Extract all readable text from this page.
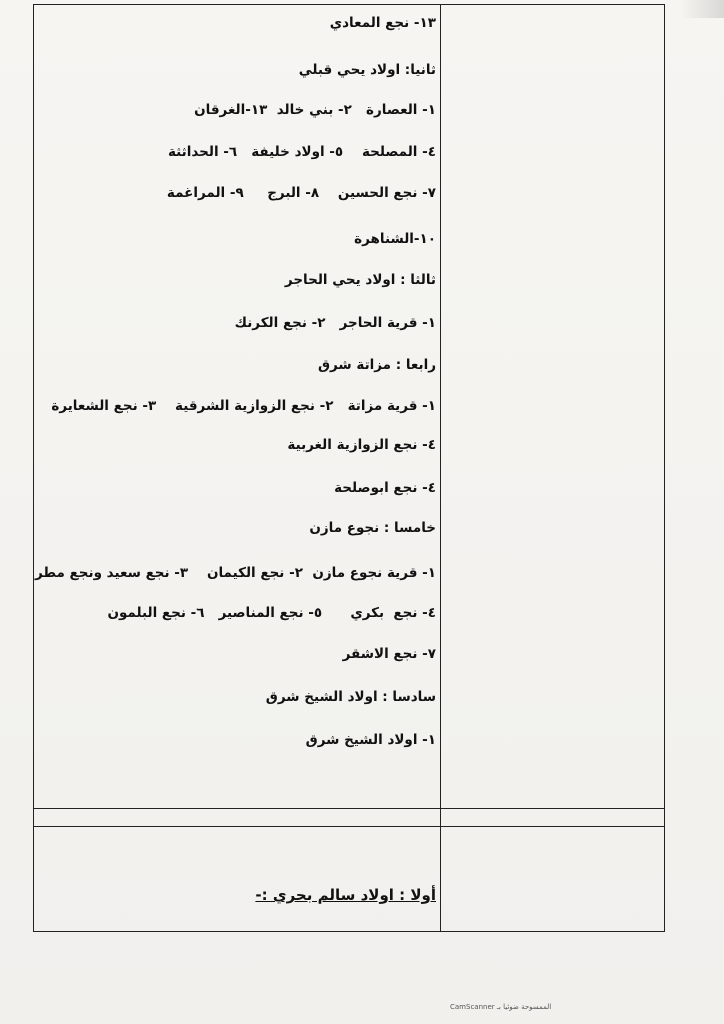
١٣- نجع المعادي
ثانيا: اولاد يحي قبلي
١- العصارة   ٢- بني خالد  ١٣-الغرقان
٤- المصلحة    ٥- اولاد خليفة   ٦- الحداثثة
٧- نجع الحسين    ٨- البرج     ٩- المراغمة
١٠-الشناهرة
ثالثا : اولاد يحي الحاجر
١- قرية الحاجر   ٢- نجع الكرنك
رابعا : مزاتة شرق
١- قرية مزاتة   ٢- نجع الزوازية الشرقية    ٣- نجع الشعايرة
٤- نجع الزوازية الغربية
٤- نجع ابوصلحة
خامسا : نجوع مازن
١- قرية نجوع مازن  ٢- نجع الكيمان    ٣- نجع سعيد ونجع مطر
٤- نجع  بكري      ٥- نجع المناصير   ٦- نجع البلمون
٧- نجع الاشقر
سادسا : اولاد الشيخ شرق
١- اولاد الشيخ شرق
أولا : اولاد سالم بحري :-
CamScanner الممسوحة ضوئيا بـ
